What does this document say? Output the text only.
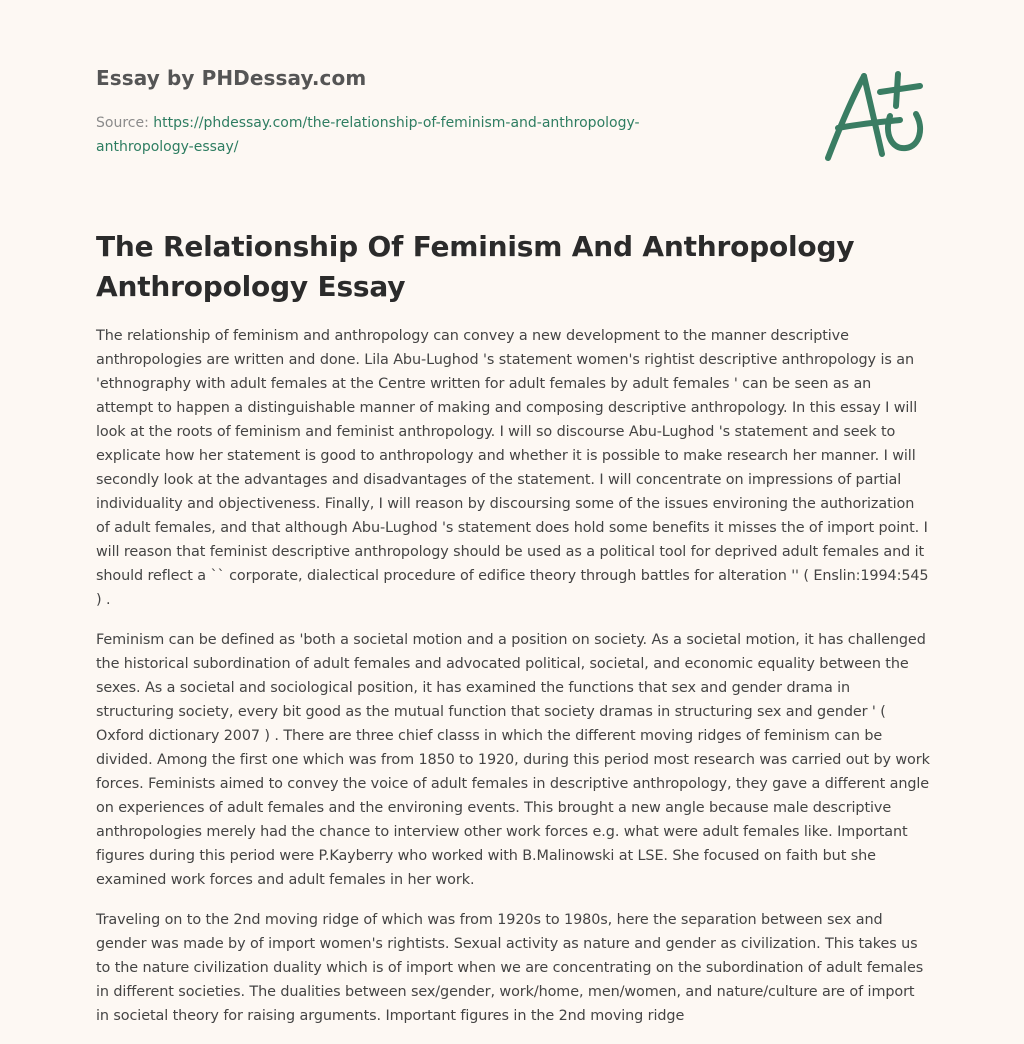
Essay by PHDessay.com

Source: https://phdessay.com/the-relationship-of-feminism-and-anthropology-anthropology-essay/

The Relationship Of Feminism And Anthropology Anthropology Essay

The relationship of feminism and anthropology can convey a new development to the manner descriptive anthropologies are written and done. Lila Abu-Lughod 's statement women's rightist descriptive anthropology is an 'ethnography with adult females at the Centre written for adult females by adult females ' can be seen as an attempt to happen a distinguishable manner of making and composing descriptive anthropology. In this essay I will look at the roots of feminism and feminist anthropology. I will so discourse Abu-Lughod 's statement and seek to explicate how her statement is good to anthropology and whether it is possible to make research her manner. I will secondly look at the advantages and disadvantages of the statement. I will concentrate on impressions of partial individuality and objectiveness. Finally, I will reason by discoursing some of the issues environing the authorization of adult females, and that although Abu-Lughod 's statement does hold some benefits it misses the of import point. I will reason that feminist descriptive anthropology should be used as a political tool for deprived adult females and it should reflect a `` corporate, dialectical procedure of edifice theory through battles for alteration '' ( Enslin:1994:545 ) .

Feminism can be defined as 'both a societal motion and a position on society. As a societal motion, it has challenged the historical subordination of adult females and advocated political, societal, and economic equality between the sexes. As a societal and sociological position, it has examined the functions that sex and gender drama in structuring society, every bit good as the mutual function that society dramas in structuring sex and gender ' ( Oxford dictionary 2007 ) . There are three chief classs in which the different moving ridges of feminism can be divided. Among the first one which was from 1850 to 1920, during this period most research was carried out by work forces. Feminists aimed to convey the voice of adult females in descriptive anthropology, they gave a different angle on experiences of adult females and the environing events. This brought a new angle because male descriptive anthropologies merely had the chance to interview other work forces e.g. what were adult females like. Important figures during this period were P.Kayberry who worked with B.Malinowski at LSE. She focused on faith but she examined work forces and adult females in her work.

Traveling on to the 2nd moving ridge of which was from 1920s to 1980s, here the separation between sex and gender was made by of import women's rightists. Sexual activity as nature and gender as civilization. This takes us to the nature civilization duality which is of import when we are concentrating on the subordination of adult females in different societies. The dualities between sex/gender, work/home, men/women, and nature/culture are of import in societal theory for raising arguments. Important figures in the 2nd moving ridge
